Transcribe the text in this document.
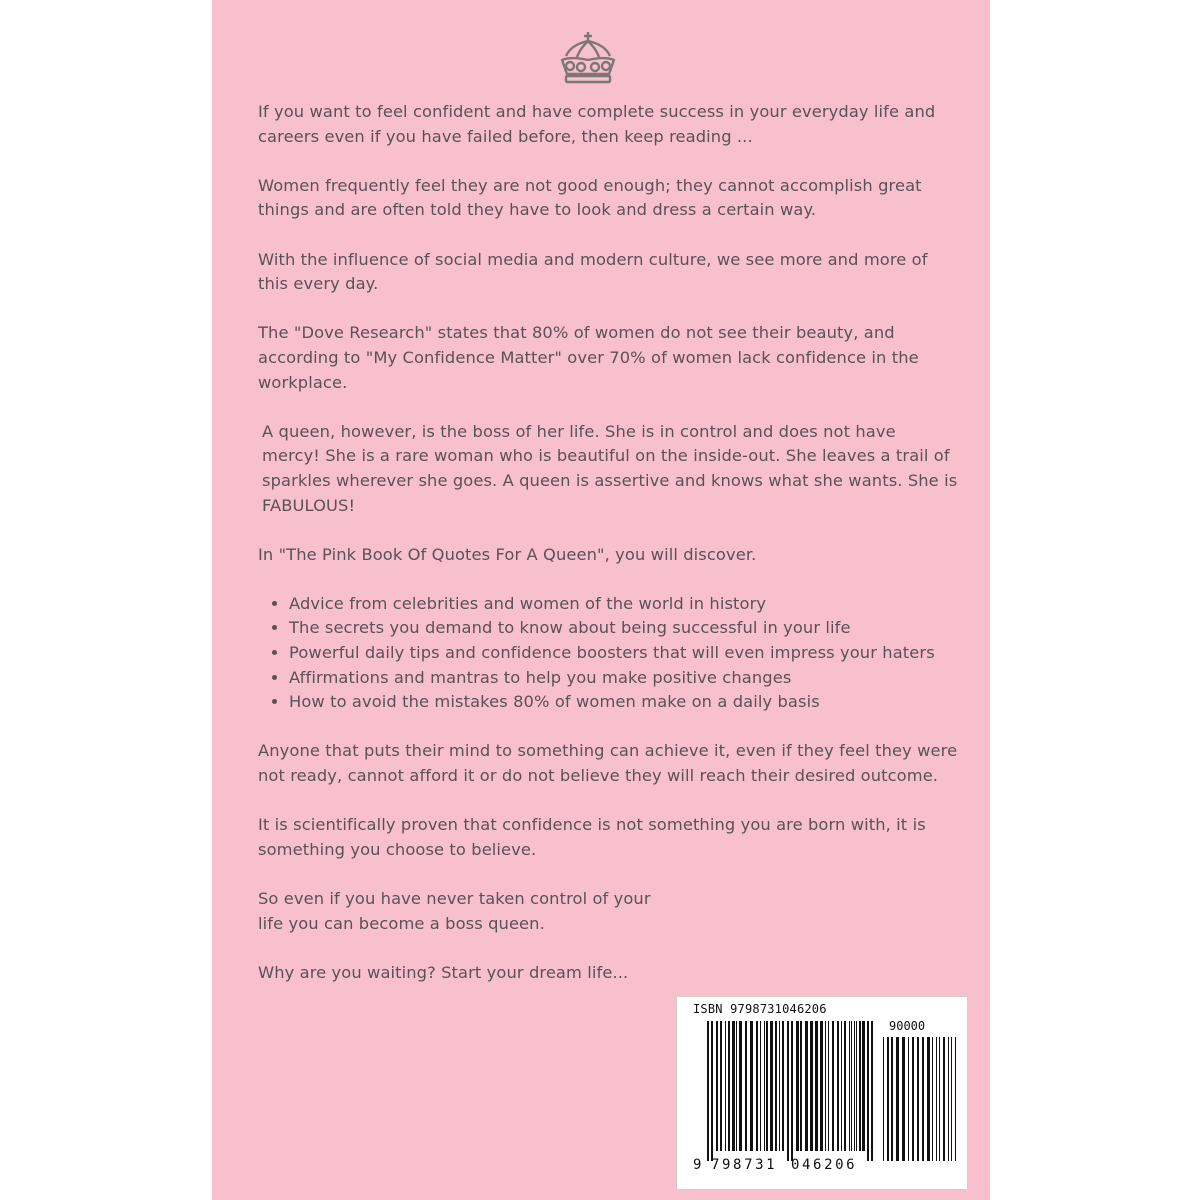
If you want to feel confident and have complete success in your everyday life and careers even if you have failed before, then keep reading ...

Women frequently feel they are not good enough; they cannot accomplish great things and are often told they have to look and dress a certain way.

With the influence of social media and modern culture, we see more and more of this every day.

The "Dove Research" states that 80% of women do not see their beauty, and according to "My Confidence Matter" over 70% of women lack confidence in the workplace.

A queen, however, is the boss of her life. She is in control and does not have mercy! She is a rare woman who is beautiful on the inside-out. She leaves a trail of sparkles wherever she goes. A queen is assertive and knows what she wants. She is FABULOUS!

In "The Pink Book Of Quotes For A Queen", you will discover.

• Advice from celebrities and women of the world in history
• The secrets you demand to know about being successful in your life
• Powerful daily tips and confidence boosters that will even impress your haters
• Affirmations and mantras to help you make positive changes
• How to avoid the mistakes 80% of women make on a daily basis

Anyone that puts their mind to something can achieve it, even if they feel they were not ready, cannot afford it or do not believe they will reach their desired outcome.

It is scientifically proven that confidence is not something you are born with, it is something you choose to believe.

So even if you have never taken control of your life you can become a boss queen.

Why are you waiting? Start your dream life...

ISBN 9798731046206
90000
9 798731 046206
